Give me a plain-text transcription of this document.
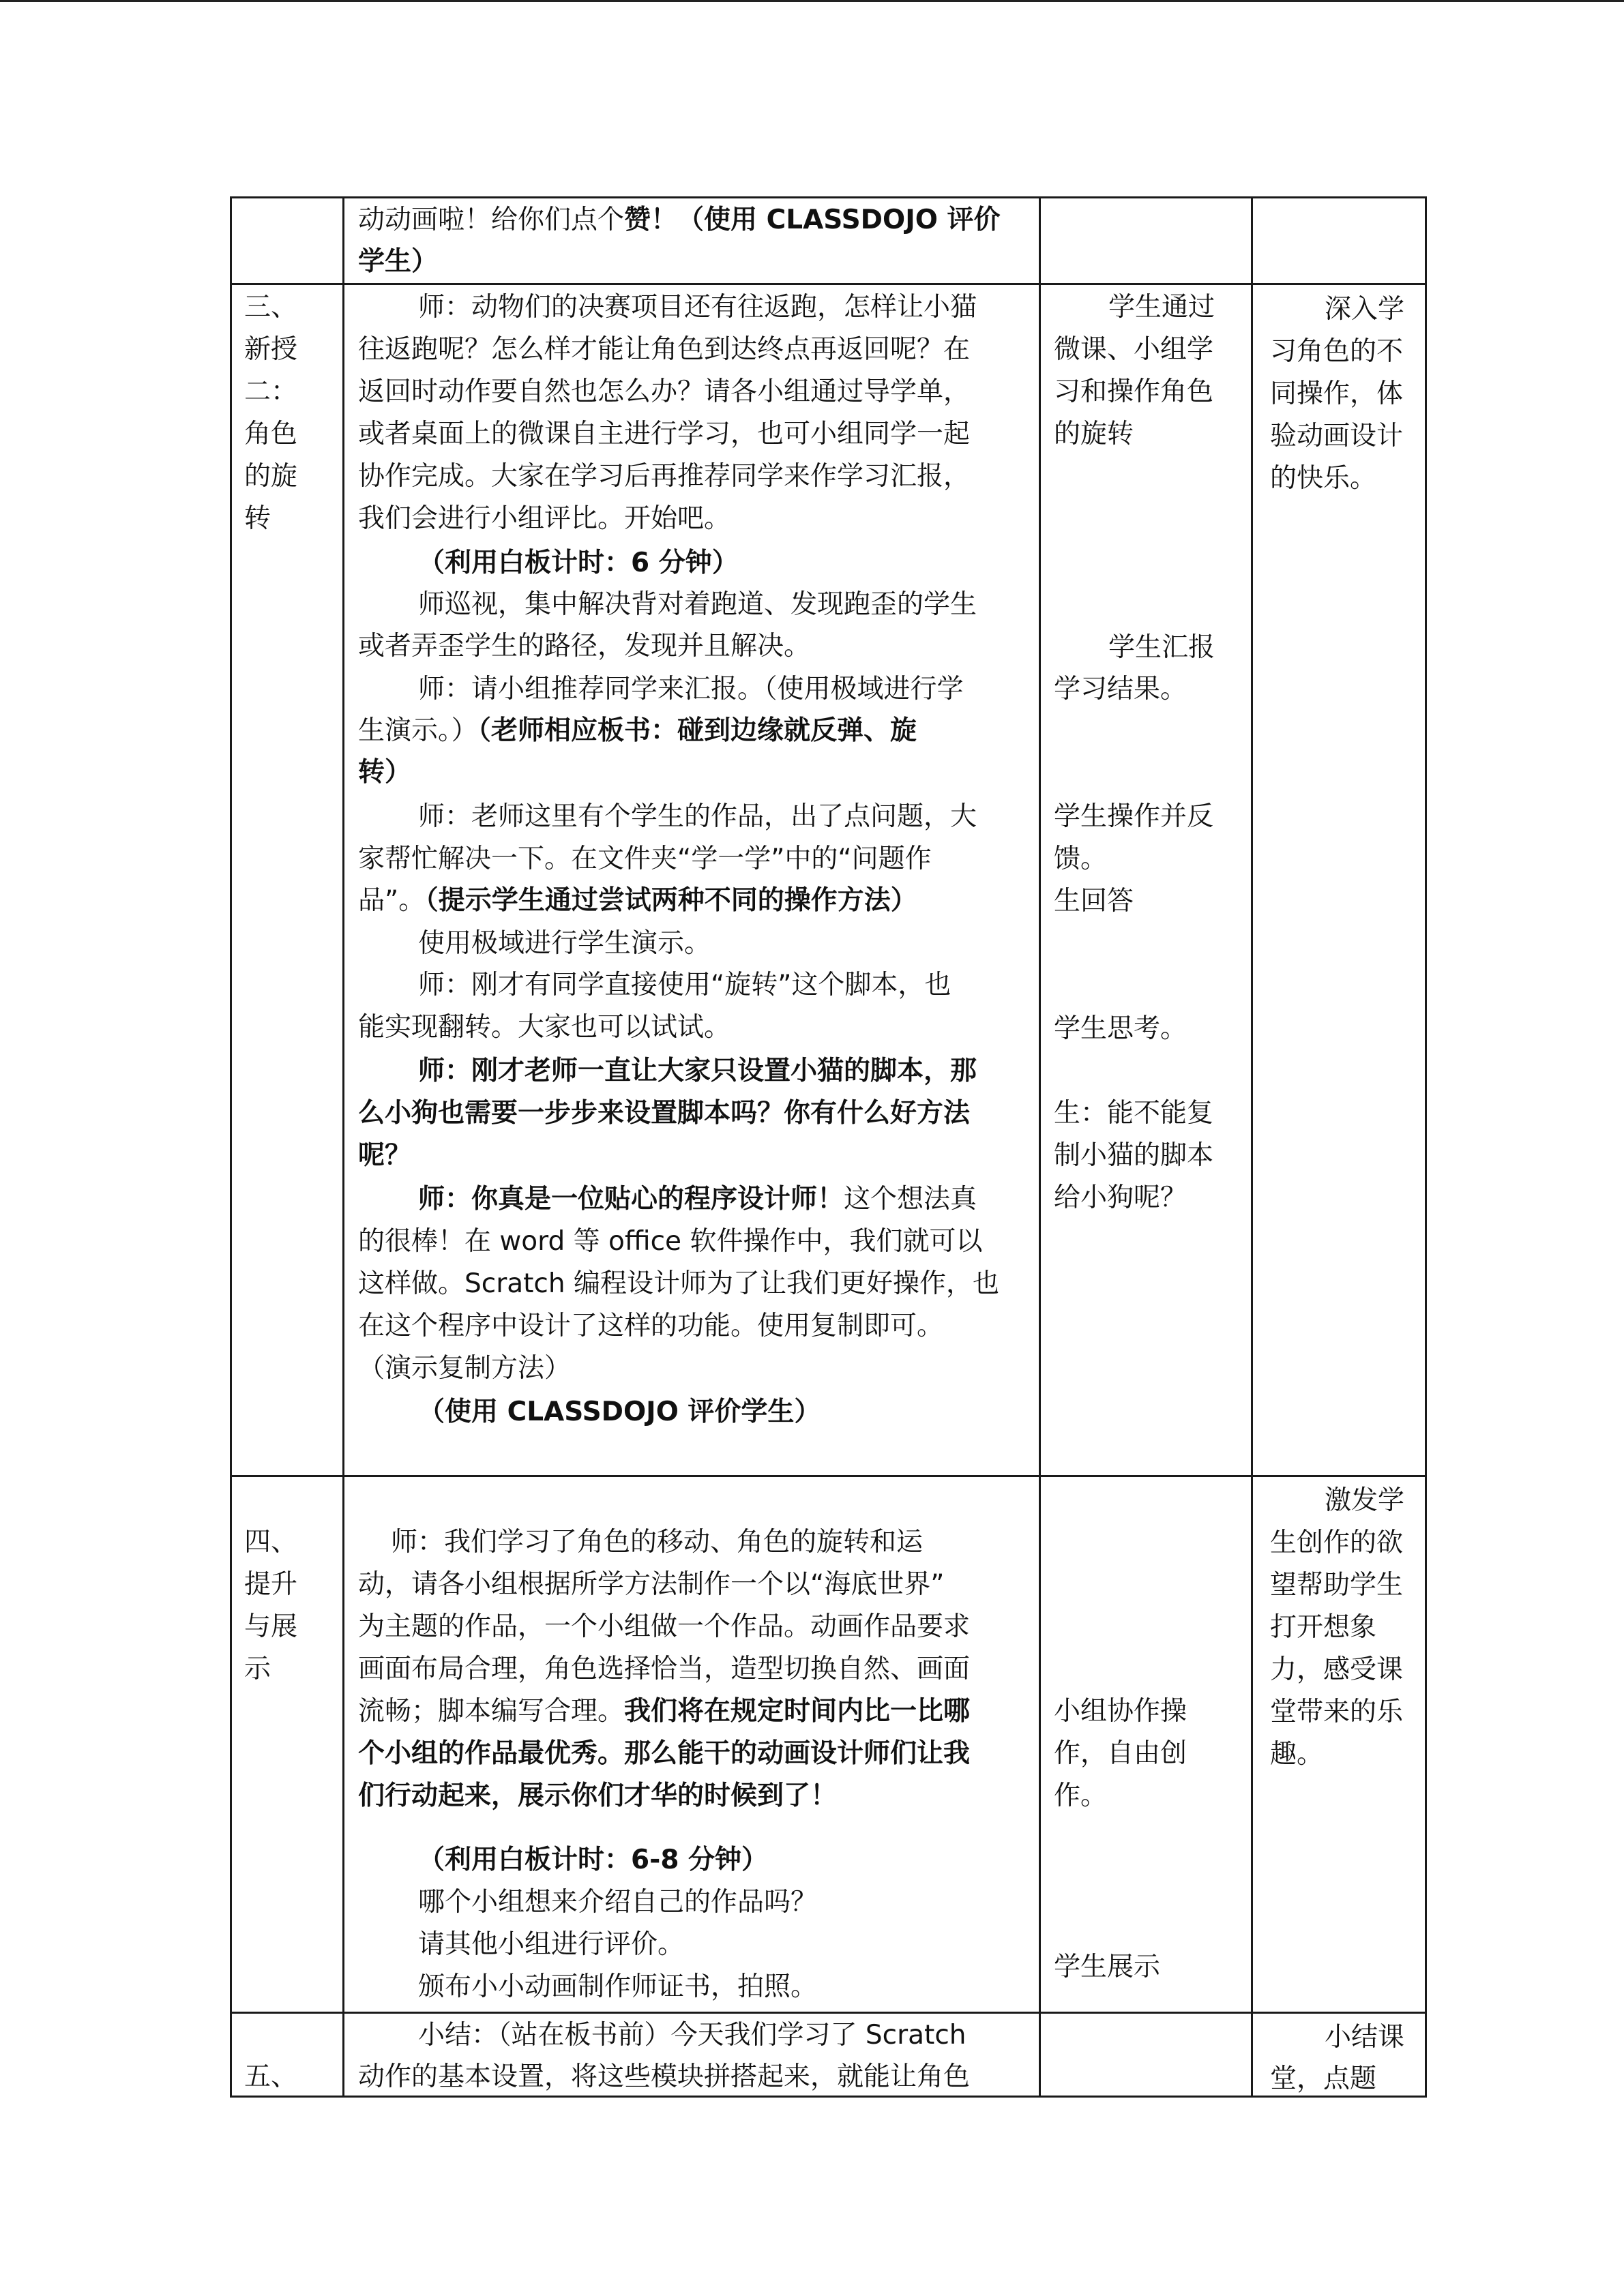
动动画啦！给你们点个赞！（使用 CLASSDOJO 评价
学生）
三、
新授
二：
角色
的旋
转
师：动物们的决赛项目还有往返跑，怎样让小猫
往返跑呢？怎么样才能让角色到达终点再返回呢？在
返回时动作要自然也怎么办？请各小组通过导学单，
或者桌面上的微课自主进行学习，也可小组同学一起
协作完成。大家在学习后再推荐同学来作学习汇报，
我们会进行小组评比。开始吧。
（利用白板计时：6 分钟）
师巡视，集中解决背对着跑道、发现跑歪的学生
或者弄歪学生的路径，发现并且解决。
师：请小组推荐同学来汇报。（使用极域进行学
生演示。）（老师相应板书：碰到边缘就反弹、旋
转）
师：老师这里有个学生的作品，出了点问题，大
家帮忙解决一下。在文件夹“学一学”中的“问题作
品”。（提示学生通过尝试两种不同的操作方法）
使用极域进行学生演示。
师：刚才有同学直接使用“旋转”这个脚本，也
能实现翻转。大家也可以试试。
师：刚才老师一直让大家只设置小猫的脚本，那
么小狗也需要一步步来设置脚本吗？你有什么好方法
呢？
师：你真是一位贴心的程序设计师！这个想法真
的很棒！在 word 等 office 软件操作中，我们就可以
这样做。Scratch 编程设计师为了让我们更好操作，也
在这个程序中设计了这样的功能。使用复制即可。
（演示复制方法）
（使用 CLASSDOJO 评价学生）
学生通过
微课、小组学
习和操作角色
的旋转
学生汇报
学习结果。
学生操作并反
馈。
生回答
学生思考。
生：能不能复
制小猫的脚本
给小狗呢？
深入学
习角色的不
同操作，体
验动画设计
的快乐。
四、
提升
与展
示
师：我们学习了角色的移动、角色的旋转和运
动，请各小组根据所学方法制作一个以“海底世界”
为主题的作品，一个小组做一个作品。动画作品要求
画面布局合理，角色选择恰当，造型切换自然、画面
流畅；脚本编写合理。我们将在规定时间内比一比哪
个小组的作品最优秀。那么能干的动画设计师们让我
们行动起来，展示你们才华的时候到了！
（利用白板计时：6-8 分钟）
哪个小组想来介绍自己的作品吗？
请其他小组进行评价。
颁布小小动画制作师证书，拍照。
小组协作操
作，自由创
作。
学生展示
激发学
生创作的欲
望帮助学生
打开想象
力，感受课
堂带来的乐
趣。
五、
小结：（站在板书前）今天我们学习了 Scratch
动作的基本设置，将这些模块拼搭起来，就能让角色
小结课
堂，点题
